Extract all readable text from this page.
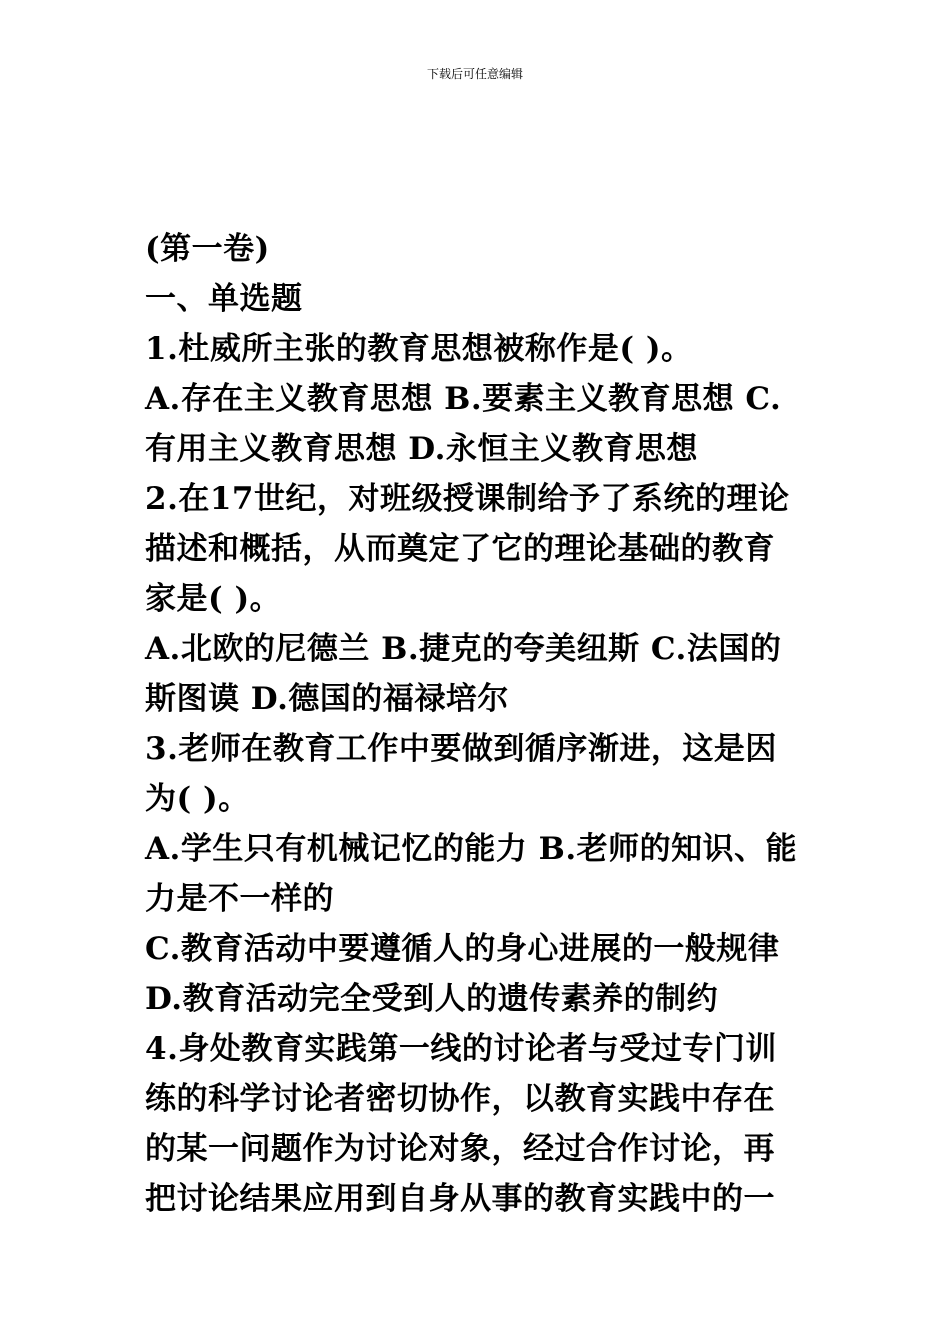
下载后可任意编辑
(第一卷)
一、单选题
1.杜威所主张的教育思想被称作是( )。
A.存在主义教育思想 B.要素主义教育思想 C.
有用主义教育思想 D.永恒主义教育思想
2.在17世纪，对班级授课制给予了系统的理论
描述和概括，从而奠定了它的理论基础的教育
家是( )。
A.北欧的尼德兰 B.捷克的夸美纽斯 C.法国的
斯图谟 D.德国的福禄培尔
3.老师在教育工作中要做到循序渐进，这是因
为( )。
A.学生只有机械记忆的能力 B.老师的知识、能
力是不一样的
C.教育活动中要遵循人的身心进展的一般规律
D.教育活动完全受到人的遗传素养的制约
4.身处教育实践第一线的讨论者与受过专门训
练的科学讨论者密切协作，以教育实践中存在
的某一问题作为讨论对象，经过合作讨论，再
把讨论结果应用到自身从事的教育实践中的一
